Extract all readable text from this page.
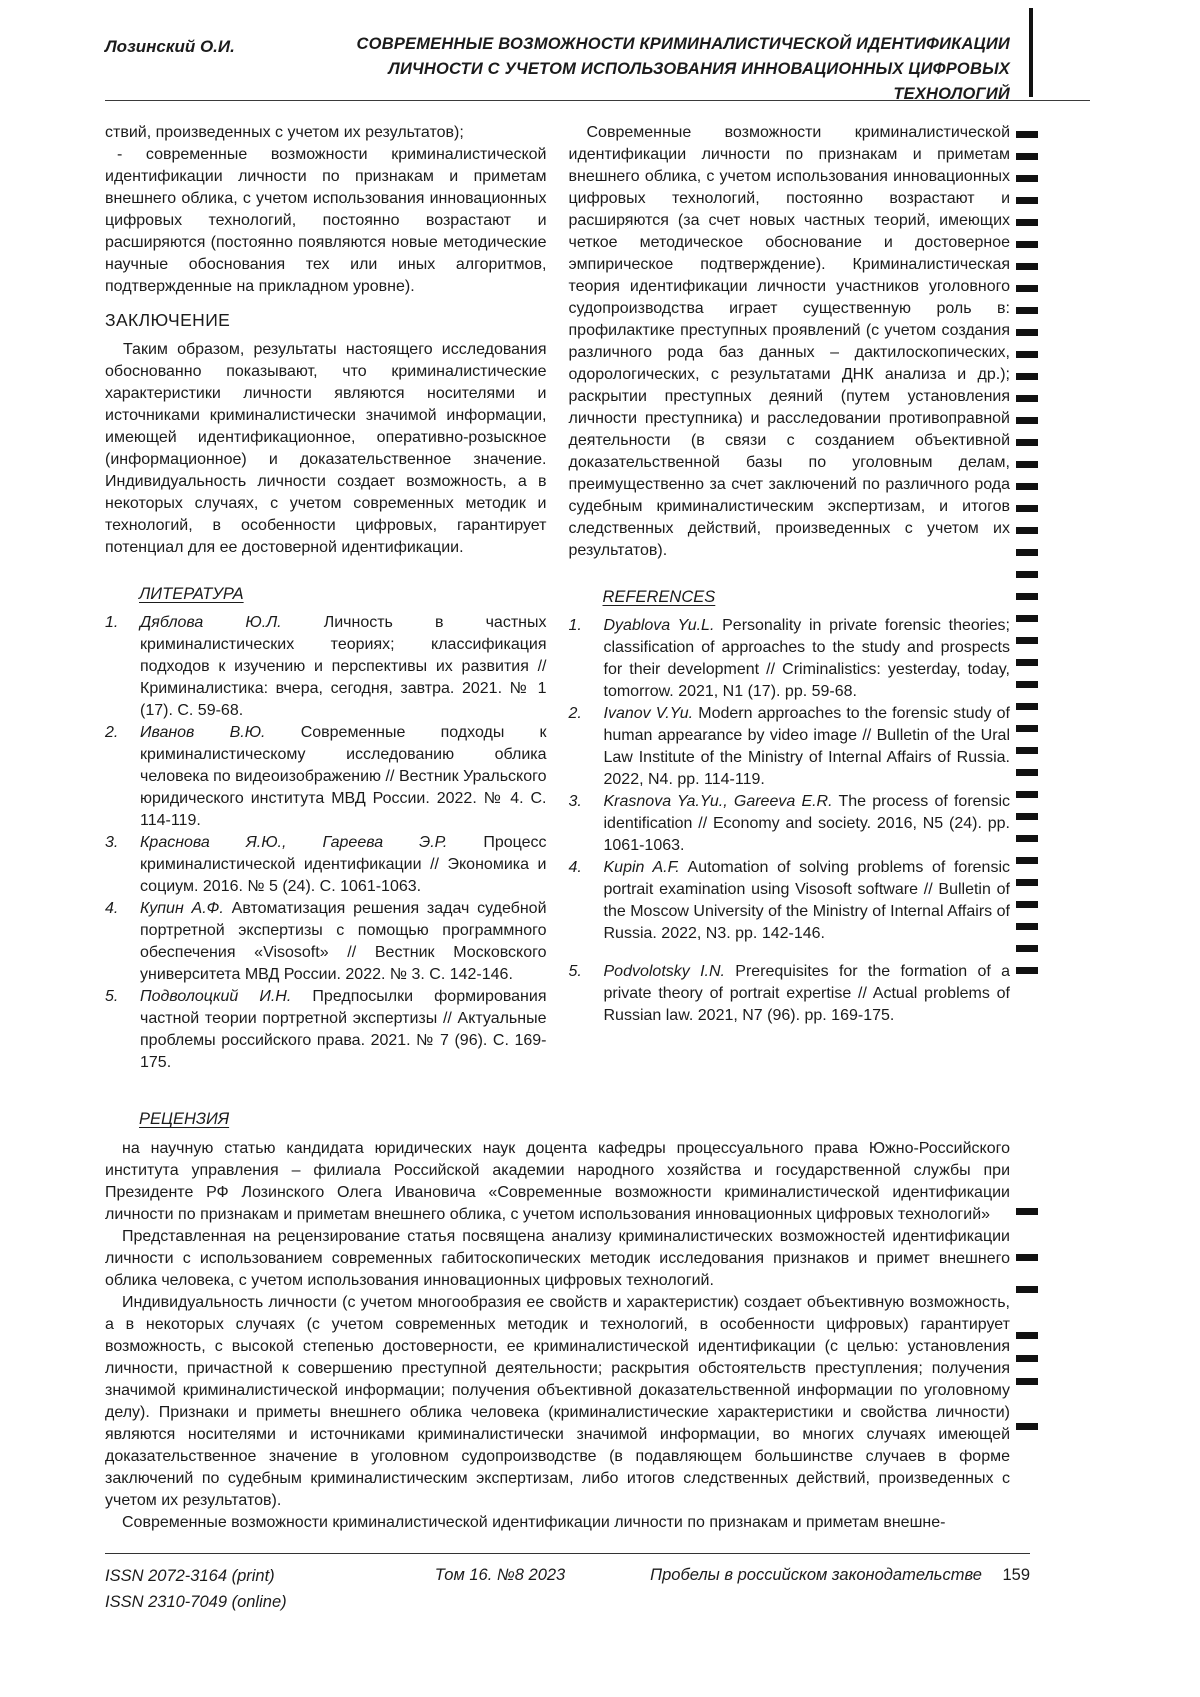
Лозинский О.И.	СОВРЕМЕННЫЕ ВОЗМОЖНОСТИ КРИМИНАЛИСТИЧЕСКОЙ ИДЕНТИФИКАЦИИ
ЛИЧНОСТИ С УЧЕТОМ ИСПОЛЬЗОВАНИЯ ИННОВАЦИОННЫХ ЦИФРОВЫХ ТЕХНОЛОГИЙ

ствий, произведенных с учетом их результатов);

- современные возможности криминалистической идентификации личности по признакам и приметам внешнего облика, с учетом использования инновационных цифровых технологий, постоянно возрастают и расширяются (постоянно появляются новые методические научные обоснования тех или иных алгоритмов, подтвержденные на прикладном уровне).

ЗАКЛЮЧЕНИЕ

Таким образом, результаты настоящего исследования обоснованно показывают, что криминалистические характеристики личности являются носителями и источниками криминалистически значимой информации, имеющей идентификационное, оперативно-розыскное (информационное) и доказательственное значение. Индивидуальность личности создает возможность, а в некоторых случаях, с учетом современных методик и технологий, в особенности цифровых, гарантирует потенциал для ее достоверной идентификации.

ЛИТЕРАТУРА
1. Дяблова Ю.Л.	Личность в частных криминалистических теориях; классификация подходов к изучению и перспективы их развития // Криминалистика: вчера, сегодня, завтра. 2021. № 1 (17). С. 59-68.
2. Иванов В.Ю. Современные подходы к криминалистическому исследованию облика человека по видеоизображению // Вестник Уральского юридического института МВД России. 2022. № 4. С. 114-119.
3. Краснова Я.Ю., Гареева Э.Р. Процесс криминалистической идентификации // Экономика и социум. 2016. № 5 (24). С. 1061-1063.
4. Купин А.Ф. Автоматизация решения задач судебной портретной экспертизы с помощью программного обеспечения «Visosoft» // Вестник Московского университета МВД России. 2022. № 3. С. 142-146.
5. Подволоцкий И.Н. Предпосылки формирования частной теории портретной экспертизы // Актуальные проблемы российского права. 2021. № 7 (96). С. 169-175.

Современные возможности криминалистической идентификации личности по признакам и приметам внешнего облика, с учетом использования инновационных цифровых технологий, постоянно возрастают и расширяются (за счет новых частных теорий, имеющих четкое методическое обоснование и достоверное эмпирическое подтверждение). Криминалистическая теория идентификации личности участников уголовного судопроизводства играет существенную роль в: профилактике преступных проявлений (с учетом создания различного рода баз данных – дактилоскопических, одорологических, с результатами ДНК анализа и др.); раскрытии преступных деяний (путем установления личности преступника) и расследовании противоправной деятельности (в связи с созданием объективной доказательственной базы по уголовным делам, преимущественно за счет заключений по различного рода судебным криминалистическим экспертизам, и итогов следственных действий, произведенных с учетом их результатов).

REFERENCES
1. Dyablova Yu.L. Personality in private forensic theories; classification of approaches to the study and prospects for their development // Criminalistics: yesterday, today, tomorrow. 2021, N1 (17). pp. 59-68.
2. Ivanov V.Yu. Modern approaches to the forensic study of human appearance by video image // Bulletin of the Ural Law Institute of the Ministry of Internal Affairs of Russia. 2022, N4. pp. 114-119.
3. Krasnova Ya.Yu., Gareeva E.R. The process of forensic identification // Economy and society. 2016, N5 (24). pp. 1061-1063.
4. Kupin A.F. Automation of solving problems of forensic portrait examination using Visosoft software // Bulletin of the Moscow University of the Ministry of Internal Affairs of Russia. 2022, N3. pp. 142-146.
5. Podvolotsky I.N. Prerequisites for the formation of a private theory of portrait expertise // Actual problems of Russian law. 2021, N7 (96). pp. 169-175.
РЕЦЕНЗИЯ

на научную статью кандидата юридических наук доцента кафедры процессуального права Южно-Российского института управления – филиала Российской академии народного хозяйства и государственной службы при Президенте РФ Лозинского Олега Ивановича «Современные возможности криминалистической идентификации личности по признакам и приметам внешнего облика, с учетом использования инновационных цифровых технологий»

Представленная на рецензирование статья посвящена анализу криминалистических возможностей идентификации личности с использованием современных габитоскопических методик исследования признаков и примет внешнего облика человека, с учетом использования инновационных цифровых технологий.

Индивидуальность личности (с учетом многообразия ее свойств и характеристик) создает объективную возможность, а в некоторых случаях (с учетом современных методик и технологий, в особенности цифровых) гарантирует возможность, с высокой степенью достоверности, ее криминалистической идентификации (с целью: установления личности, причастной к совершению преступной деятельности; раскрытия обстоятельств преступления; получения значимой криминалистической информации; получения объективной доказательственной информации по уголовному делу). Признаки и приметы внешнего облика человека (криминалистические характеристики и свойства личности) являются носителями и источниками криминалистически значимой информации, во многих случаях имеющей доказательственное значение в уголовном судопроизводстве (в подавляющем большинстве случаев в форме заключений по судебным криминалистическим экспертизам, либо итогов следственных действий, произведенных с учетом их результатов).

Современные возможности криминалистической идентификации личности по признакам и приметам внешне-

ISSN 2072-3164 (print)
ISSN 2310-7049 (online)
Том 16. №8 2023	Пробелы в российском законодательстве 159
